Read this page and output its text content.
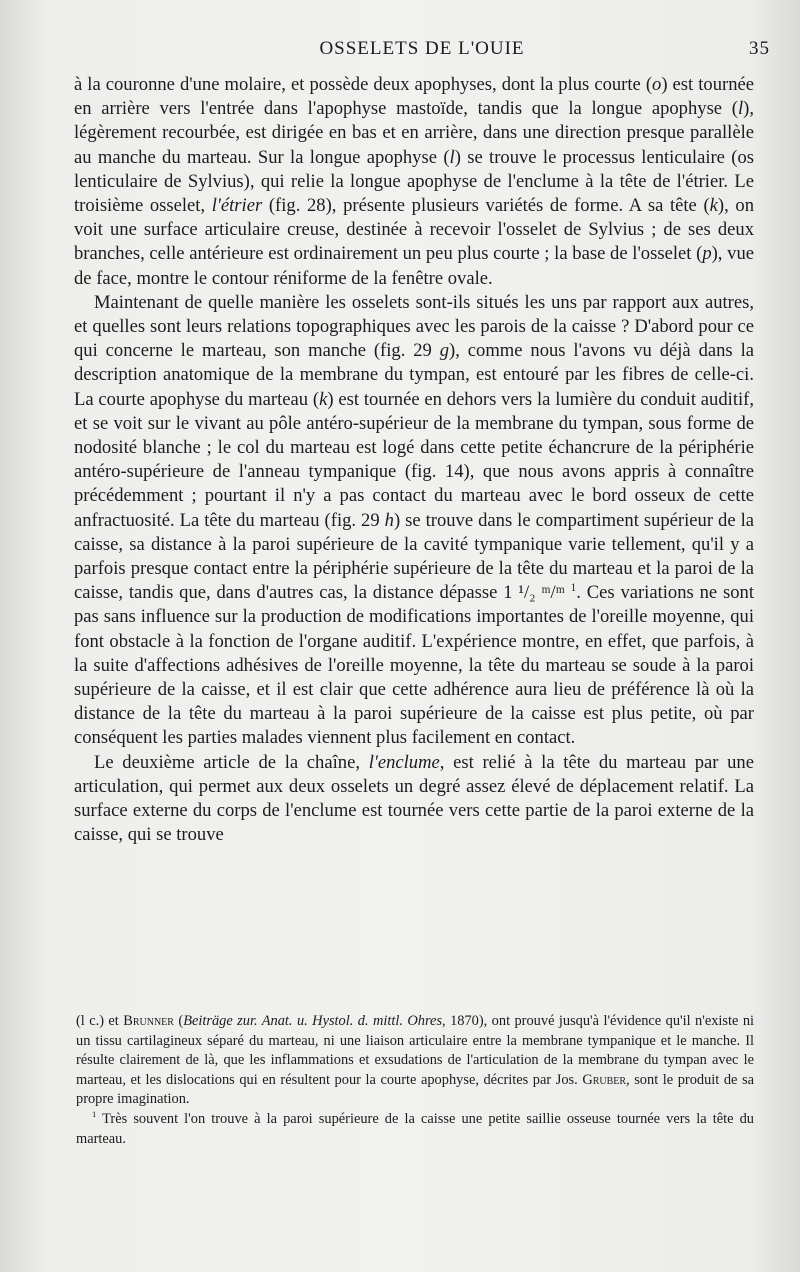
OSSELETS DE L'OUIE	35

à la couronne d'une molaire, et possède deux apophyses, dont la plus courte (o) est tournée en arrière vers l'entrée dans l'apophyse mastoïde, tandis que la longue apophyse (l), légèrement recourbée, est dirigée en bas et en arrière, dans une direction presque parallèle au manche du marteau. Sur la longue apophyse (l) se trouve le processus lenticulaire (os lenticulaire de Sylvius), qui relie la longue apophyse de l'enclume à la tête de l'étrier. Le troisième osselet, l'étrier (fig. 28), présente plusieurs variétés de forme. A sa tête (k), on voit une surface articulaire creuse, destinée à recevoir l'osselet de Sylvius ; de ses deux branches, celle antérieure est ordinairement un peu plus courte ; la base de l'osselet (p), vue de face, montre le contour réniforme de la fenêtre ovale.

Maintenant de quelle manière les osselets sont-ils situés les uns par rapport aux autres, et quelles sont leurs relations topographiques avec les parois de la caisse ? D'abord pour ce qui concerne le marteau, son manche (fig. 29 g), comme nous l'avons vu déjà dans la description anatomique de la membrane du tympan, est entouré par les fibres de celle-ci. La courte apophyse du marteau (k) est tournée en dehors vers la lumière du conduit auditif, et se voit sur le vivant au pôle antéro-supérieur de la membrane du tympan, sous forme de nodosité blanche ; le col du marteau est logé dans cette petite échancrure de la périphérie antéro-supérieure de l'anneau tympanique (fig. 14), que nous avons appris à connaître précédemment ; pourtant il n'y a pas contact du marteau avec le bord osseux de cette anfractuosité. La tête du marteau (fig. 29 h) se trouve dans le compartiment supérieur de la caisse, sa distance à la paroi supérieure de la cavité tympanique varie tellement, qu'il y a parfois presque contact entre la périphérie supérieure de la tête du marteau et la paroi de la caisse, tandis que, dans d'autres cas, la distance dépasse 1 ¹/₂ ᵐ/ᵐ $^1$. Ces variations ne sont pas sans influence sur la production de modifications importantes de l'oreille moyenne, qui font obstacle à la fonction de l'organe auditif. L'expérience montre, en effet, que parfois, à la suite d'affections adhésives de l'oreille moyenne, la tête du marteau se soude à la paroi supérieure de la caisse, et il est clair que cette adhérence aura lieu de préférence là où la distance de la tête du marteau à la paroi supérieure de la caisse est plus petite, où par conséquent les parties malades viennent plus facilement en contact.

Le deuxième article de la chaîne, l'enclume, est relié à la tête du marteau par une articulation, qui permet aux deux osselets un degré assez élevé de déplacement relatif. La surface externe du corps de l'enclume est tournée vers cette partie de la paroi externe de la caisse, qui se trouve

(l c.) et Brunner (Beiträge zur. Anat. u. Hystol. d. mittl. Ohres, 1870), ont prouvé jusqu'à l'évidence qu'il n'existe ni un tissu cartilagineux séparé du marteau, ni une liaison articulaire entre la membrane tympanique et le manche. Il résulte clairement de là, que les inflammations et exsudations de l'articulation de la membrane du tympan avec le marteau, et les dislocations qui en résultent pour la courte apophyse, décrites par Jos. Gruber, sont le produit de sa propre imagination.

$^1$ Très souvent l'on trouve à la paroi supérieure de la caisse une petite saillie osseuse tournée vers la tête du marteau.
